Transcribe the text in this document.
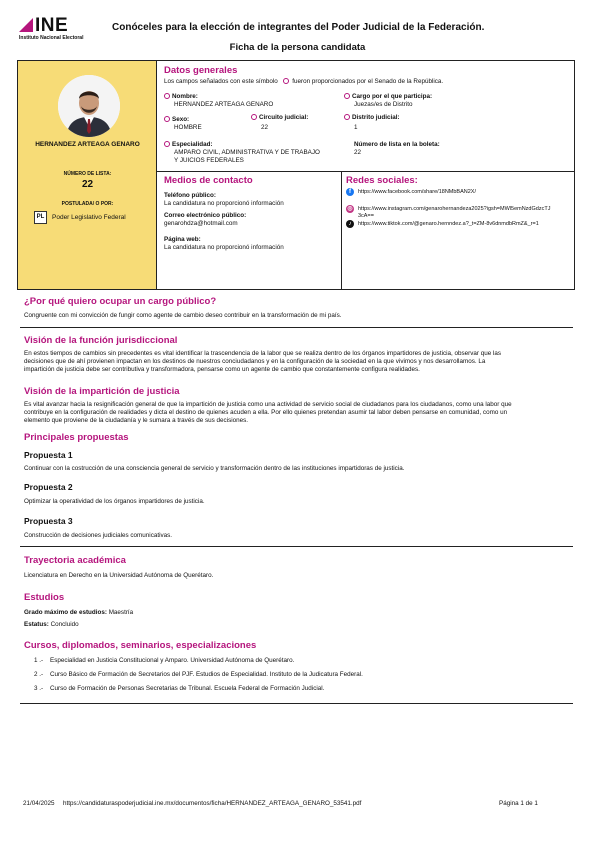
INE
Instituto Nacional Electoral
Conóceles para la elección de integrantes del Poder Judicial de la Federación.
Ficha de la persona candidata
HERNANDEZ ARTEAGA GENARO
NÚMERO DE LISTA:
22
POSTULADA/ O POR:
PL	Poder Legislativo Federal
Datos generales
Los campos señalados con este símbolo fueron proporcionados por el Senado de la República.
Nombre:
HERNANDEZ ARTEAGA GENARO
Cargo por el que participa:
Juezas/es de Distrito
Sexo:
HOMBRE
Circuito judicial:
22
Distrito judicial:
1
Especialidad:
AMPARO CIVIL, ADMINISTRATIVA Y DE TRABAJO
Y JUICIOS FEDERALES
Número de lista en la boleta:
22
Medios de contacto
Teléfono público:
La candidatura no proporcionó información
Correo electrónico público:
genarohdza@hotmail.com
Página web:
La candidatura no proporcionó información
Redes sociales:
f	https://www.facebook.com/share/18NMbBAN2X/
◎ https://www.instagram.com/genarohernandeza2025?igsh=MWl5emNzdGdzcTJ
3cA==
♪	https://www.tiktok.com/@genaro.hernndez.a?_t=ZM-8v6dnmdbRmZ&_r=1
¿Por qué quiero ocupar un cargo público?
Congruente con mi convicción de fungir como agente de cambio deseo contribuir en la transformación de mi país.
Visión de la función jurisdiccional
En estos tiempos de cambios sin precedentes es vital identificar la trascendencia de la labor que se realiza dentro de los órganos impartidores de justicia, observar que las
decisiones que de ahí provienen impactan en los destinos de nuestros conciudadanos y en la configuración de la sociedad en la que vivimos y nos desarrollamos. La
impartición de justicia debe ser contributiva y transformadora, pensarse como un agente de cambio que constantemente configura realidades.
Visión de la impartición de justicia
Es vital avanzar hacia la resignificación general de que la impartición de justicia como una actividad de servicio social de ciudadanos para los ciudadanos, como una labor que
contribuye en la configuración de realidades y dicta el destino de quienes acuden a ella. Por ello quienes pretendan asumir tal labor deben pensarse en comunidad, como un
elemento que proviene de la ciudadanía y le sumara a través de sus decisiones.
Principales propuestas
Propuesta 1
Continuar con la costrucción de una consciencia general de servicio y transformación dentro de las instituciones impartidoras de justicia.
Propuesta 2
Optimizar la operatividad de los órganos impartidores de justicia.
Propuesta 3
Construcción de decisiones judiciales comunicativas.
Trayectoria académica
Licenciatura en Derecho en la Universidad Autónoma de Querétaro.
Estudios
Grado máximo de estudios: Maestría
Estatus: Concluido
Cursos, diplomados, seminarios, especializaciones
1 .- Especialidad en Justicia Constitucional y Amparo. Universidad Autónoma de Querétaro.
2 .- Curso Básico de Formación de Secretarios del PJF. Estudios de Especialidad. Instituto de la Judicatura Federal.
3 .- Curso de Formación de Personas Secretarias de Tribunal. Escuela Federal de Formación Judicial.
21/04/2025 https://candidaturaspoderjudicial.ine.mx/documentos/ficha/HERNANDEZ_ARTEAGA_GENARO_53541.pdf	Página 1 de 1
